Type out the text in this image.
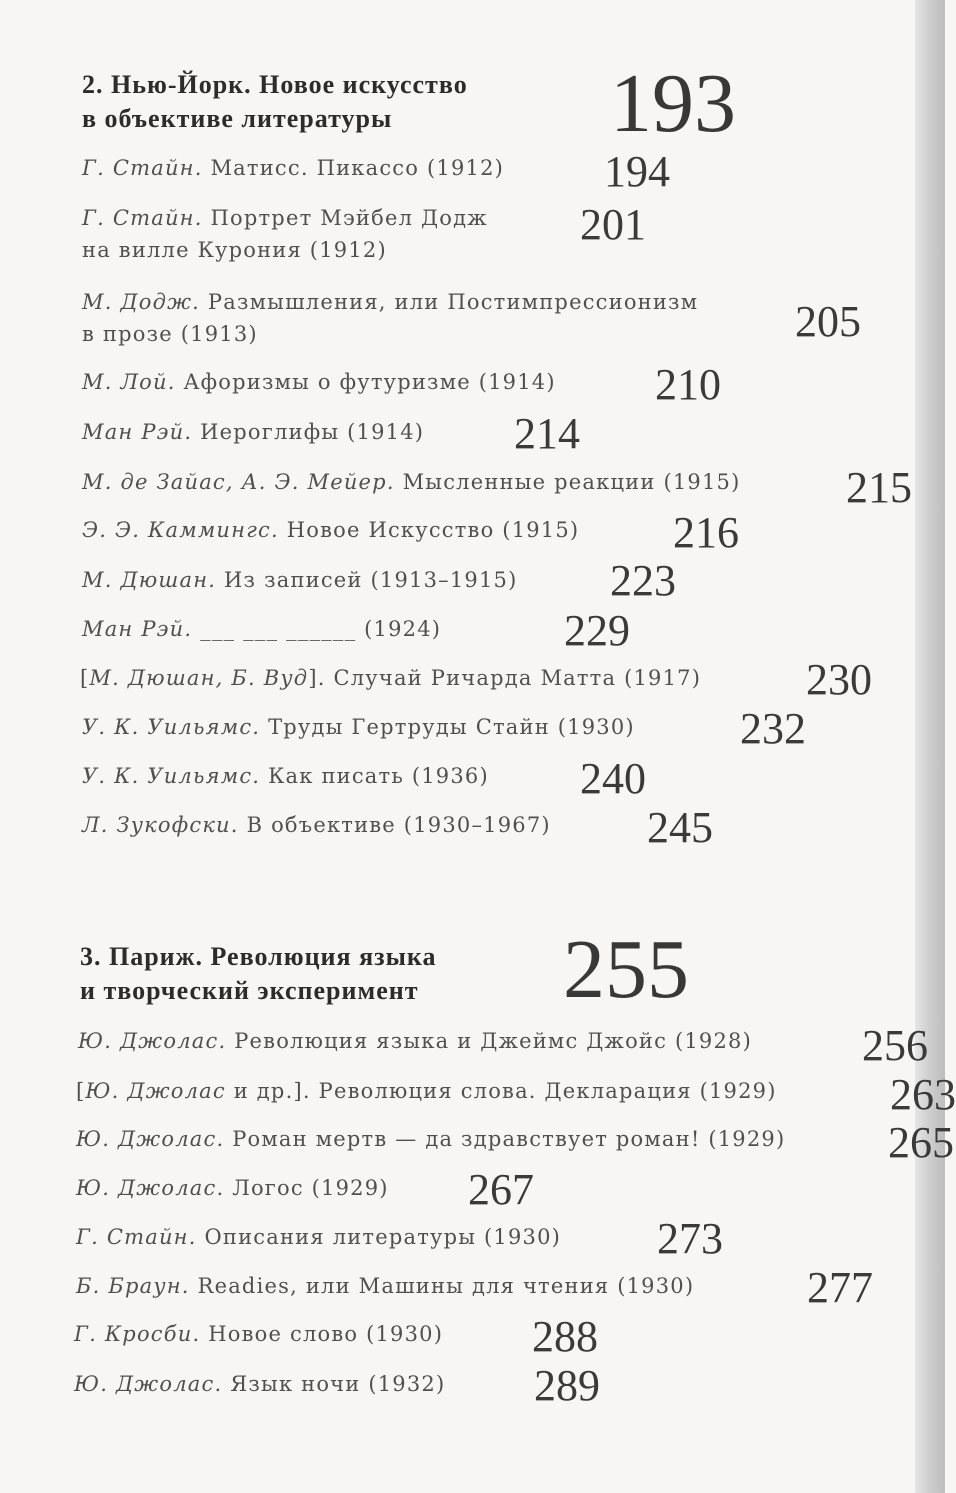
2. Нью-Йорк. Новое искусство
в объективе литературы	193
Г. Стайн. Матисс. Пикассо (1912) 194
Г. Стайн. Портрет Мэйбел Додж
на вилле Курония (1912)
201
М. Додж. Размышления, или Постимпрессионизм
в прозе (1913)	205
М. Лой. Афоризмы о футуризме (1914) 210
Ман Рэй. Иероглифы (1914) 214
М. де Зайас, А. Э. Мейер. Мысленные реакции (1915) 215
Э. Э. Каммингс. Новое Искусство (1915) 216
М. Дюшан. Из записей (1913–1915) 223
Ман Рэй. ___ ___ ______ (1924)	229
[М. Дюшан, Б. Вуд]. Случай Ричарда Матта (1917) 230
У. К. Уильямс. Труды Гертруды Стайн (1930) 232
У. К. Уильямс. Как писать (1936) 240
Л. Зукофски. В объективе (1930–1967) 245
3. Париж. Революция языка
и творческий эксперимент 255
Ю. Джолас. Революция языка и Джеймс Джойс (1928)	256
[Ю. Джолас и др.]. Революция слова. Декларация (1929)	263
Ю. Джолас. Роман мертв — да здравствует роман! (1929) 265
Ю. Джолас. Логос (1929) 267
Г. Стайн. Описания литературы (1930) 273
Б. Браун. Readies, или Машины для чтения (1930)	277
Г. Кросби. Новое слово (1930) 288
Ю. Джолас. Язык ночи (1932) 289
